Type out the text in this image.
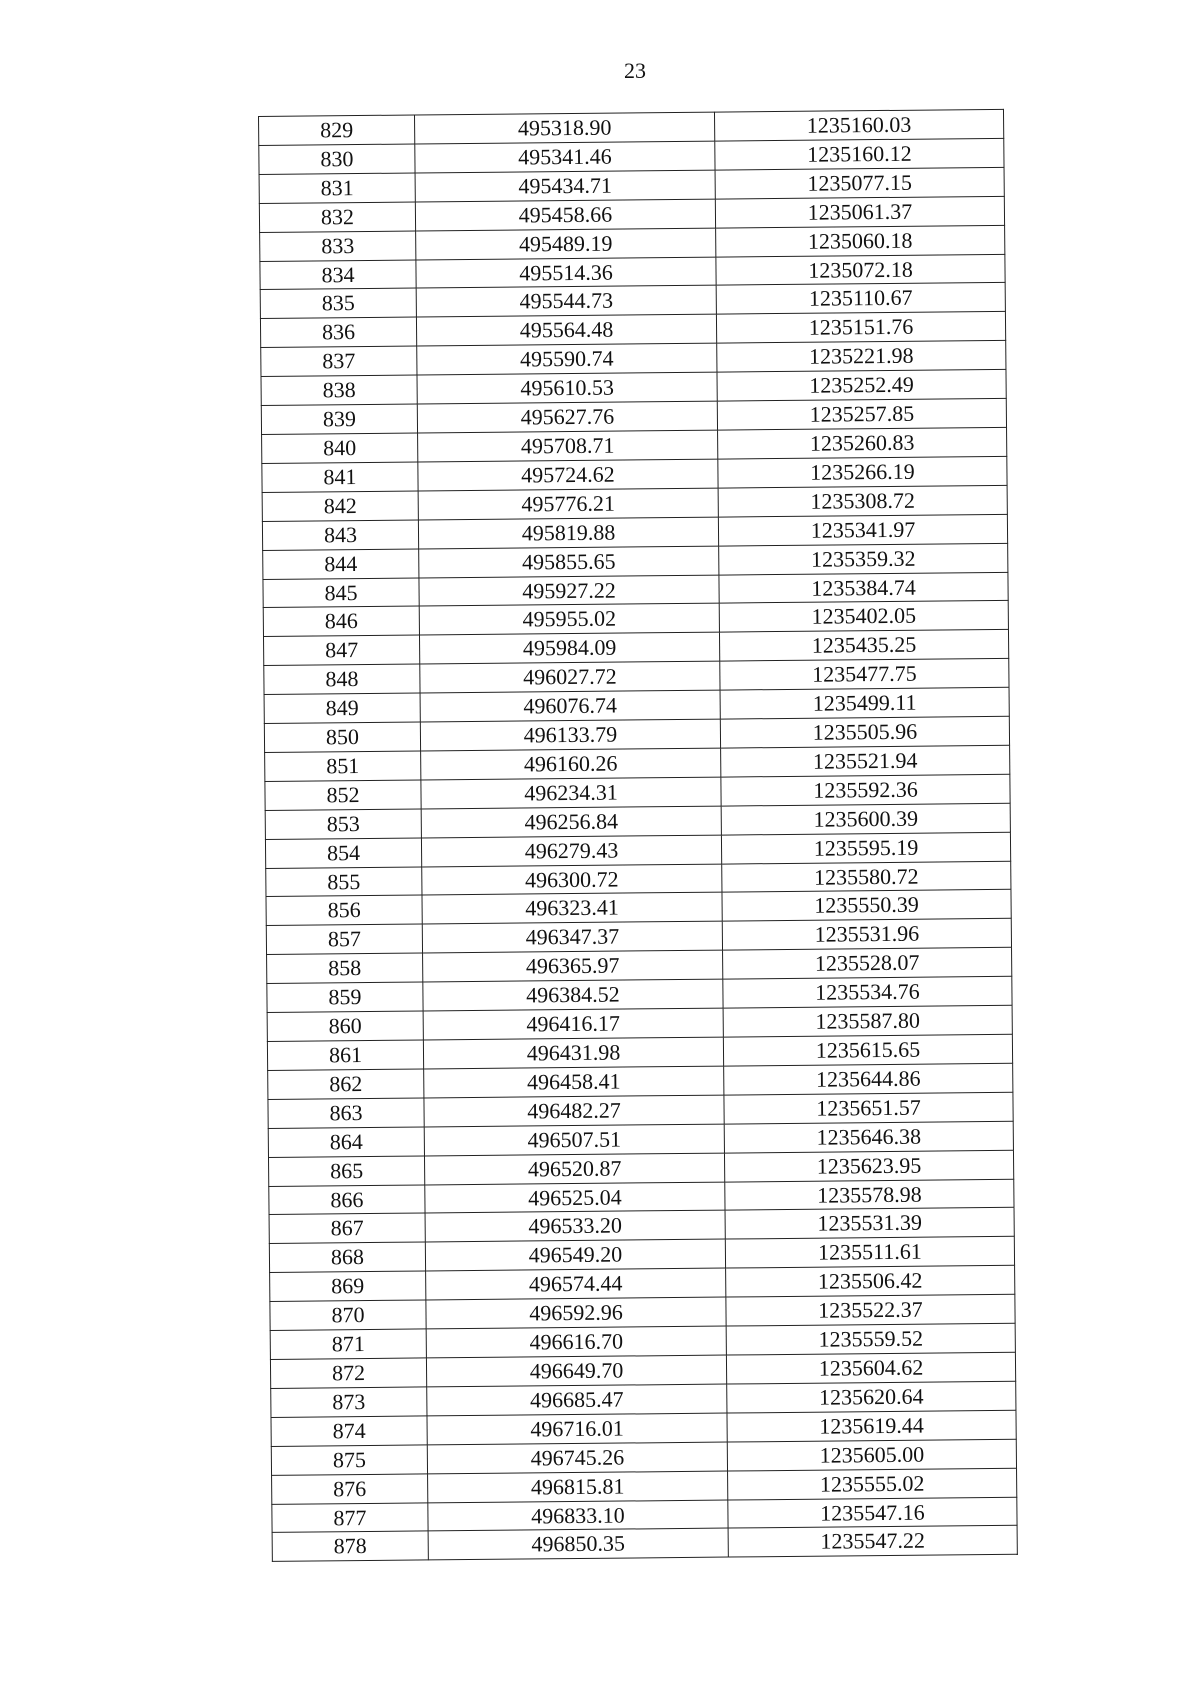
23
829	495318.90	1235160.03
830	495341.46	1235160.12
831	495434.71	1235077.15
832	495458.66	1235061.37
833	495489.19	1235060.18
834	495514.36	1235072.18
835	495544.73	1235110.67
836	495564.48	1235151.76
837	495590.74	1235221.98
838	495610.53	1235252.49
839	495627.76	1235257.85
840	495708.71	1235260.83
841	495724.62	1235266.19
842	495776.21	1235308.72
843	495819.88	1235341.97
844	495855.65	1235359.32
845	495927.22	1235384.74
846	495955.02	1235402.05
847	495984.09	1235435.25
848	496027.72	1235477.75
849	496076.74	1235499.11
850	496133.79	1235505.96
851	496160.26	1235521.94
852	496234.31	1235592.36
853	496256.84	1235600.39
854	496279.43	1235595.19
855	496300.72	1235580.72
856	496323.41	1235550.39
857	496347.37	1235531.96
858	496365.97	1235528.07
859	496384.52	1235534.76
860	496416.17	1235587.80
861	496431.98	1235615.65
862	496458.41	1235644.86
863	496482.27	1235651.57
864	496507.51	1235646.38
865	496520.87	1235623.95
866	496525.04	1235578.98
867	496533.20	1235531.39
868	496549.20	1235511.61
869	496574.44	1235506.42
870	496592.96	1235522.37
871	496616.70	1235559.52
872	496649.70	1235604.62
873	496685.47	1235620.64
874	496716.01	1235619.44
875	496745.26	1235605.00
876	496815.81	1235555.02
877	496833.10	1235547.16
878	496850.35	1235547.22
